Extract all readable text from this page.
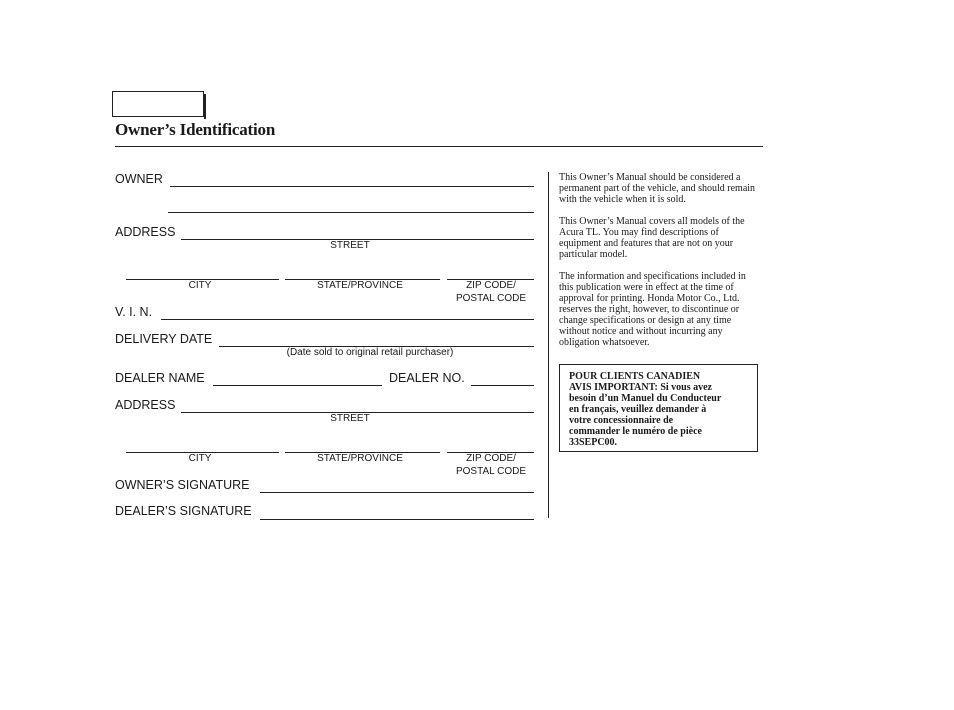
Owner’s Identification
OWNER
ADDRESS
STREET
CITY	STATE/PROVINCE	ZIP CODE/
POSTAL CODE
V. I. N.
DELIVERY DATE
(Date sold to original retail purchaser)
DEALER NAME	DEALER NO.
ADDRESS
STREET
CITY	STATE/PROVINCE	ZIP CODE/
POSTAL CODE
OWNER’S SIGNATURE
DEALER’S SIGNATURE

This Owner’s Manual should be considered a permanent part of the vehicle, and should remain with the vehicle when it is sold.

This Owner’s Manual covers all models of the Acura TL. You may find descriptions of equipment and features that are not on your particular model.

The information and specifications included in this publication were in effect at the time of approval for printing. Honda Motor Co., Ltd. reserves the right, however, to discontinue or change specifications or design at any time without notice and without incurring any obligation whatsoever.

POUR CLIENTS CANADIEN
AVIS IMPORTANT: Si vous avez
besoin d’un Manuel du Conducteur
en français, veuillez demander à
votre concessionnaire de
commander le numéro de pièce
33SEPC00.
